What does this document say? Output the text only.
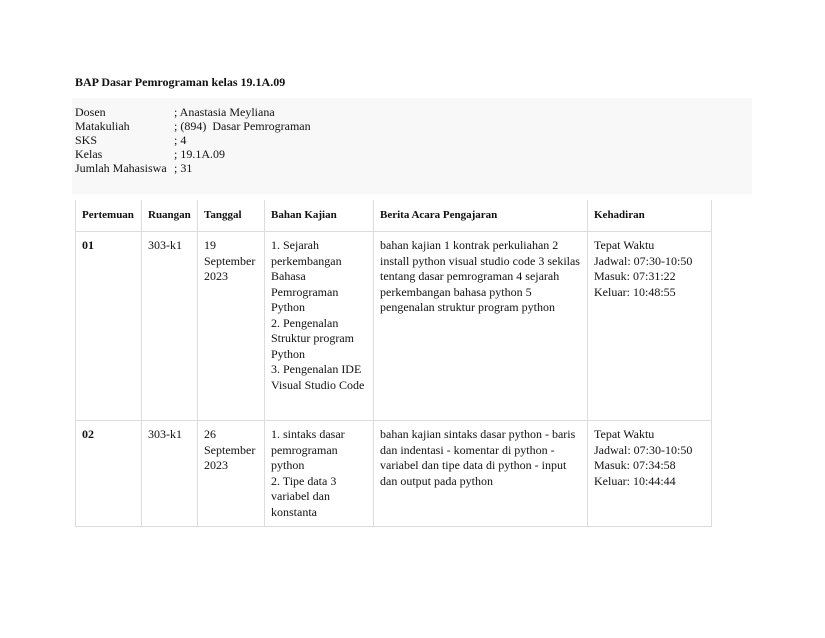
BAP Dasar Pemrograman kelas 19.1A.09
Dosen	; Anastasia Meyliana
Matakuliah	; (894)  Dasar Pemrograman
SKS	; 4
Kelas	; 19.1A.09
Jumlah Mahasiswa ; 31
Pertemuan	Ruangan	Tanggal	Bahan Kajian	Berita Acara Pengajaran	Kehadiran
01	303-k1	19 September 2023	1. Sejarah perkembangan Bahasa Pemrograman Python
2. Pengenalan Struktur program Python
3. Pengenalan IDE Visual Studio Code	bahan kajian 1 kontrak perkuliahan 2 install python visual studio code 3 sekilas tentang dasar pemrograman 4 sejarah perkembangan bahasa python 5 pengenalan struktur program python	Tepat Waktu
Jadwal: 07:30-10:50
Masuk: 07:31:22
Keluar: 10:48:55

02	303-k1	26 September 2023	1. sintaks dasar pemrograman python
2. Tipe data 3 variabel dan konstanta	bahan kajian sintaks dasar python - baris dan indentasi - komentar di python - variabel dan tipe data di python - input dan output pada python	Tepat Waktu
Jadwal: 07:30-10:50
Masuk: 07:34:58
Keluar: 10:44:44
